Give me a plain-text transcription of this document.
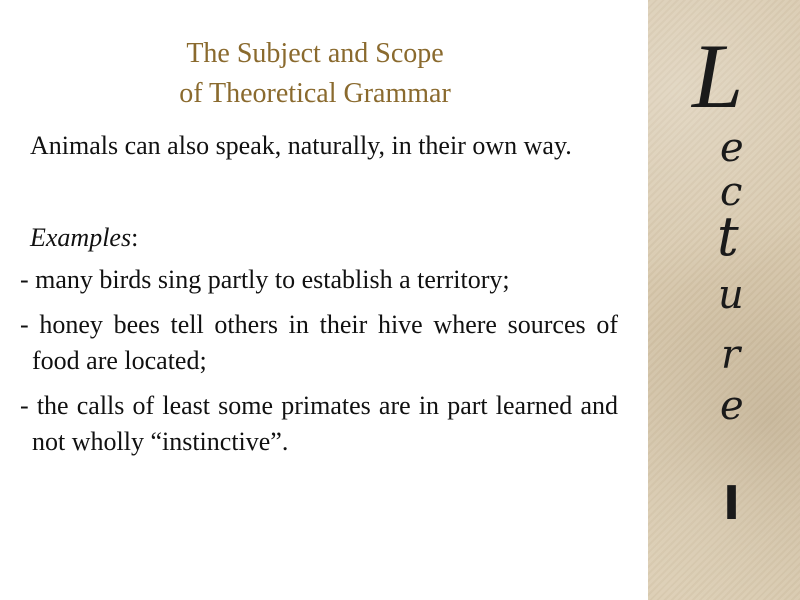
The Subject and Scope
of Theoretical Grammar

Animals can also speak, naturally, in their own way.

Examples:

- many birds sing partly to establish a territory;
- honey bees tell others in their hive where sources of food are located;
- the calls of least some primates are in part learned and not wholly “instinctive”.
L
e
c
t
u
r
e
I
